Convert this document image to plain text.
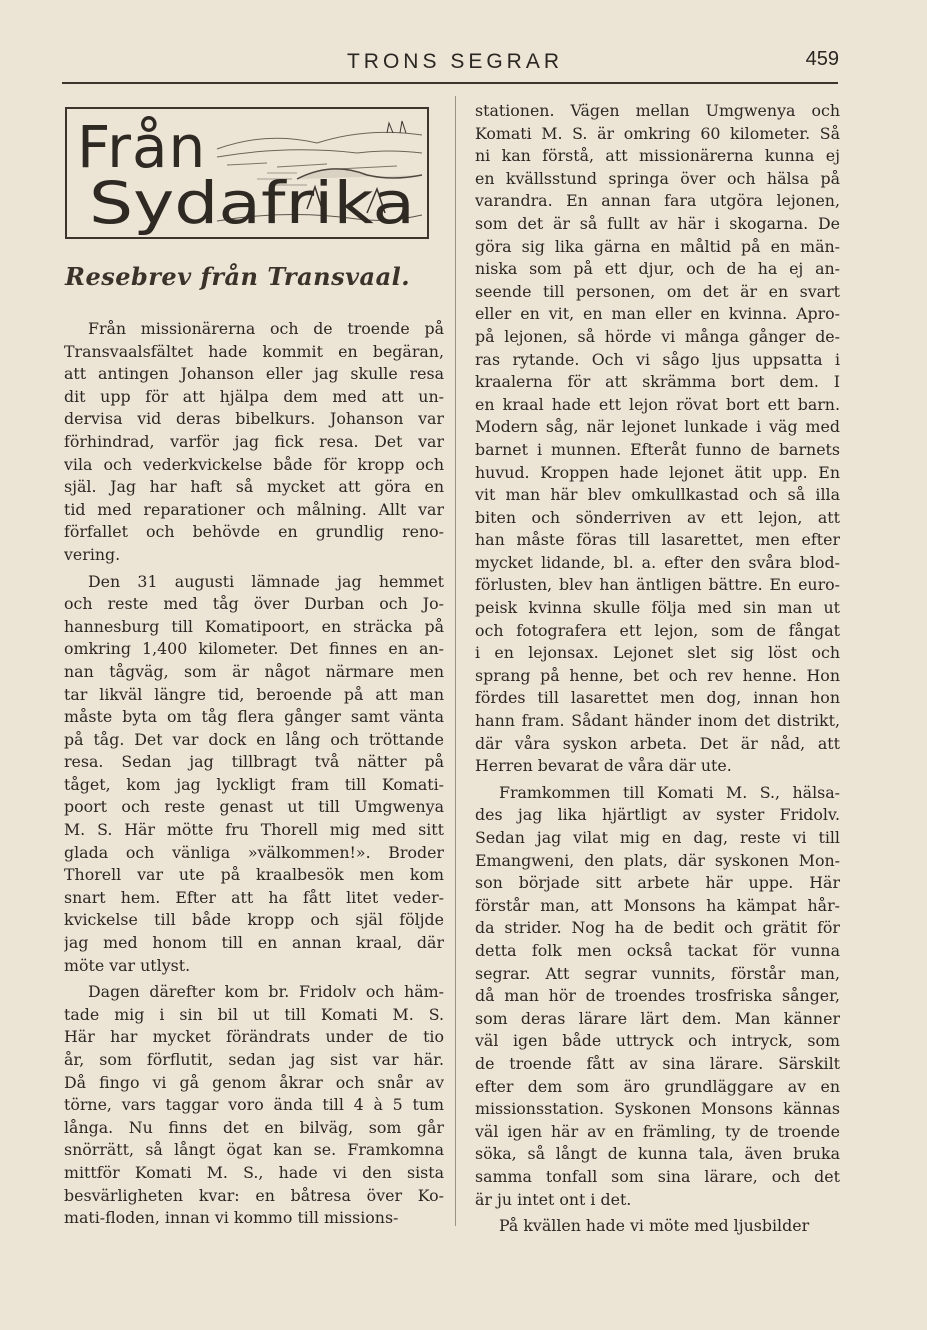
TRONS SEGRAR	459
Från
Sydafrika
Resebrev från Transvaal.
Från missionärerna och de troende på
Transvaalsfältet hade kommit en begäran,
att antingen Johanson eller jag skulle resa
dit upp för att hjälpa dem med att un-
dervisa vid deras bibelkurs. Johanson var
förhindrad, varför jag fick resa. Det var
vila och vederkvickelse både för kropp och
själ. Jag har haft så mycket att göra en
tid med reparationer och målning. Allt var
förfallet och behövde en grundlig reno-
vering.
Den 31 augusti lämnade jag hemmet
och reste med tåg över Durban och Jo-
hannesburg till Komatipoort, en sträcka på
omkring 1,400 kilometer. Det finnes en an-
nan tågväg, som är något närmare men
tar likväl längre tid, beroende på att man
måste byta om tåg flera gånger samt vänta
på tåg. Det var dock en lång och tröttande
resa. Sedan jag tillbragt två nätter på
tåget, kom jag lyckligt fram till Komati-
poort och reste genast ut till Umgwenya
M. S. Här mötte fru Thorell mig med sitt
glada och vänliga »välkommen!». Broder
Thorell var ute på kraalbesök men kom
snart hem. Efter att ha fått litet veder-
kvickelse till både kropp och själ följde
jag med honom till en annan kraal, där
möte var utlyst.
Dagen därefter kom br. Fridolv och häm-
tade mig i sin bil ut till Komati M. S.
Här har mycket förändrats under de tio
år, som förflutit, sedan jag sist var här.
Då fingo vi gå genom åkrar och snår av
törne, vars taggar voro ända till 4 à 5 tum
långa. Nu finns det en bilväg, som går
snörrätt, så långt ögat kan se. Framkomna
mittför Komati M. S., hade vi den sista
besvärligheten kvar: en båtresa över Ko-
mati-floden, innan vi kommo till missions-
stationen. Vägen mellan Umgwenya och
Komati M. S. är omkring 60 kilometer. Så
ni kan förstå, att missionärerna kunna ej
en kvällsstund springa över och hälsa på
varandra. En annan fara utgöra lejonen,
som det är så fullt av här i skogarna. De
göra sig lika gärna en måltid på en män-
niska som på ett djur, och de ha ej an-
seende till personen, om det är en svart
eller en vit, en man eller en kvinna. Apro-
på lejonen, så hörde vi många gånger de-
ras rytande. Och vi sågo ljus uppsatta i
kraalerna för att skrämma bort dem. I
en kraal hade ett lejon rövat bort ett barn.
Modern såg, när lejonet lunkade i väg med
barnet i munnen. Efteråt funno de barnets
huvud. Kroppen hade lejonet ätit upp. En
vit man här blev omkullkastad och så illa
biten och sönderriven av ett lejon, att
han måste föras till lasarettet, men efter
mycket lidande, bl. a. efter den svåra blod-
förlusten, blev han äntligen bättre. En euro-
peisk kvinna skulle följa med sin man ut
och fotografera ett lejon, som de fångat
i en lejonsax. Lejonet slet sig löst och
sprang på henne, bet och rev henne. Hon
fördes till lasarettet men dog, innan hon
hann fram. Sådant händer inom det distrikt,
där våra syskon arbeta. Det är nåd, att
Herren bevarat de våra där ute.
Framkommen till Komati M. S., hälsa-
des jag lika hjärtligt av syster Fridolv.
Sedan jag vilat mig en dag, reste vi till
Emangweni, den plats, där syskonen Mon-
son började sitt arbete här uppe. Här
förstår man, att Monsons ha kämpat hår-
da strider. Nog ha de bedit och grätit för
detta folk men också tackat för vunna
segrar. Att segrar vunnits, förstår man,
då man hör de troendes trosfriska sånger,
som deras lärare lärt dem. Man känner
väl igen både uttryck och intryck, som
de troende fått av sina lärare. Särskilt
efter dem som äro grundläggare av en
missionsstation. Syskonen Monsons kännas
väl igen här av en främling, ty de troende
söka, så långt de kunna tala, även bruka
samma tonfall som sina lärare, och det
är ju intet ont i det.
På kvällen hade vi möte med ljusbilder
